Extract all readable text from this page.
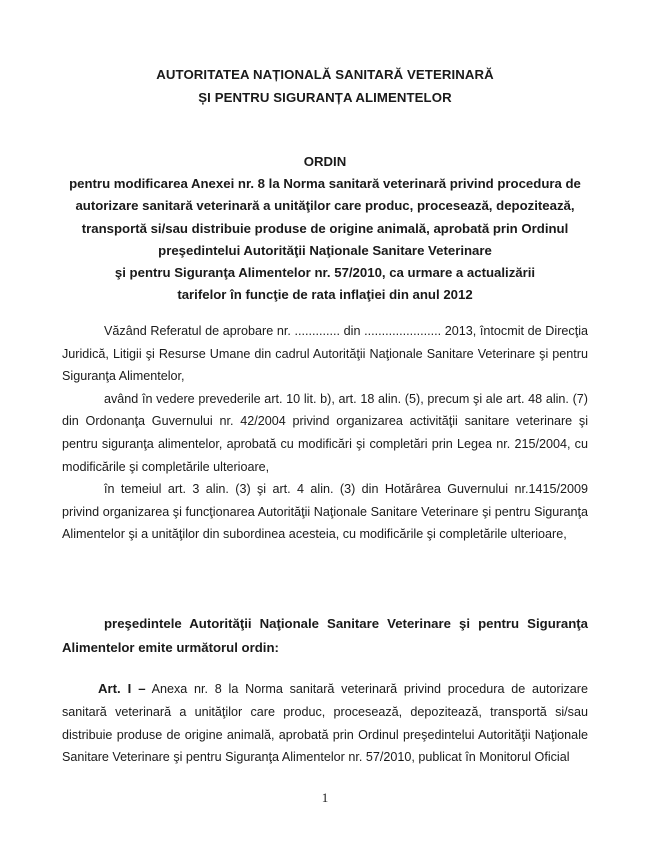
AUTORITATEA NAȚIONALĂ SANITARĂ VETERINARĂ
ȘI PENTRU SIGURANȚA ALIMENTELOR
ORDIN
pentru modificarea Anexei nr. 8 la Norma sanitară veterinară privind procedura de
autorizare sanitară veterinară a unităţilor care produc, procesează, depozitează,
transportă si/sau distribuie produse de origine animală, aprobată prin Ordinul
preşedintelui Autorităţii Naţionale Sanitare Veterinare
şi pentru Siguranţa Alimentelor nr. 57/2010, ca urmare a actualizării
tarifelor în funcţie de rata inflaţiei din anul 2012

Văzând Referatul de aprobare nr. ............. din ...................... 2013, întocmit de Direcţia Juridică, Litigii şi Resurse Umane din cadrul Autorităţii Naţionale Sanitare Veterinare şi pentru Siguranţa Alimentelor,

având în vedere prevederile art. 10 lit. b), art. 18 alin. (5), precum şi ale art. 48 alin. (7) din Ordonanţa Guvernului nr. 42/2004 privind organizarea activităţii sanitare veterinare şi pentru siguranţa alimentelor, aprobată cu modificări şi completări prin Legea nr. 215/2004, cu modificările şi completările ulterioare,

în temeiul art. 3 alin. (3) şi art. 4 alin. (3) din Hotărârea Guvernului nr.1415/2009 privind organizarea şi funcţionarea Autorităţii Naţionale Sanitare Veterinare şi pentru Siguranţa Alimentelor şi a unităţilor din subordinea acesteia, cu modificările şi completările ulterioare,

preşedintele Autorităţii Naţionale Sanitare Veterinare şi pentru Siguranţa Alimentelor emite următorul ordin:

Art. I – Anexa nr. 8 la Norma sanitară veterinară privind procedura de autorizare sanitară veterinară a unităţilor care produc, procesează, depozitează, transportă si/sau distribuie produse de origine animală, aprobată prin Ordinul preşedintelui Autorităţii Naţionale Sanitare Veterinare şi pentru Siguranţa Alimentelor nr. 57/2010, publicat în Monitorul Oficial

1
